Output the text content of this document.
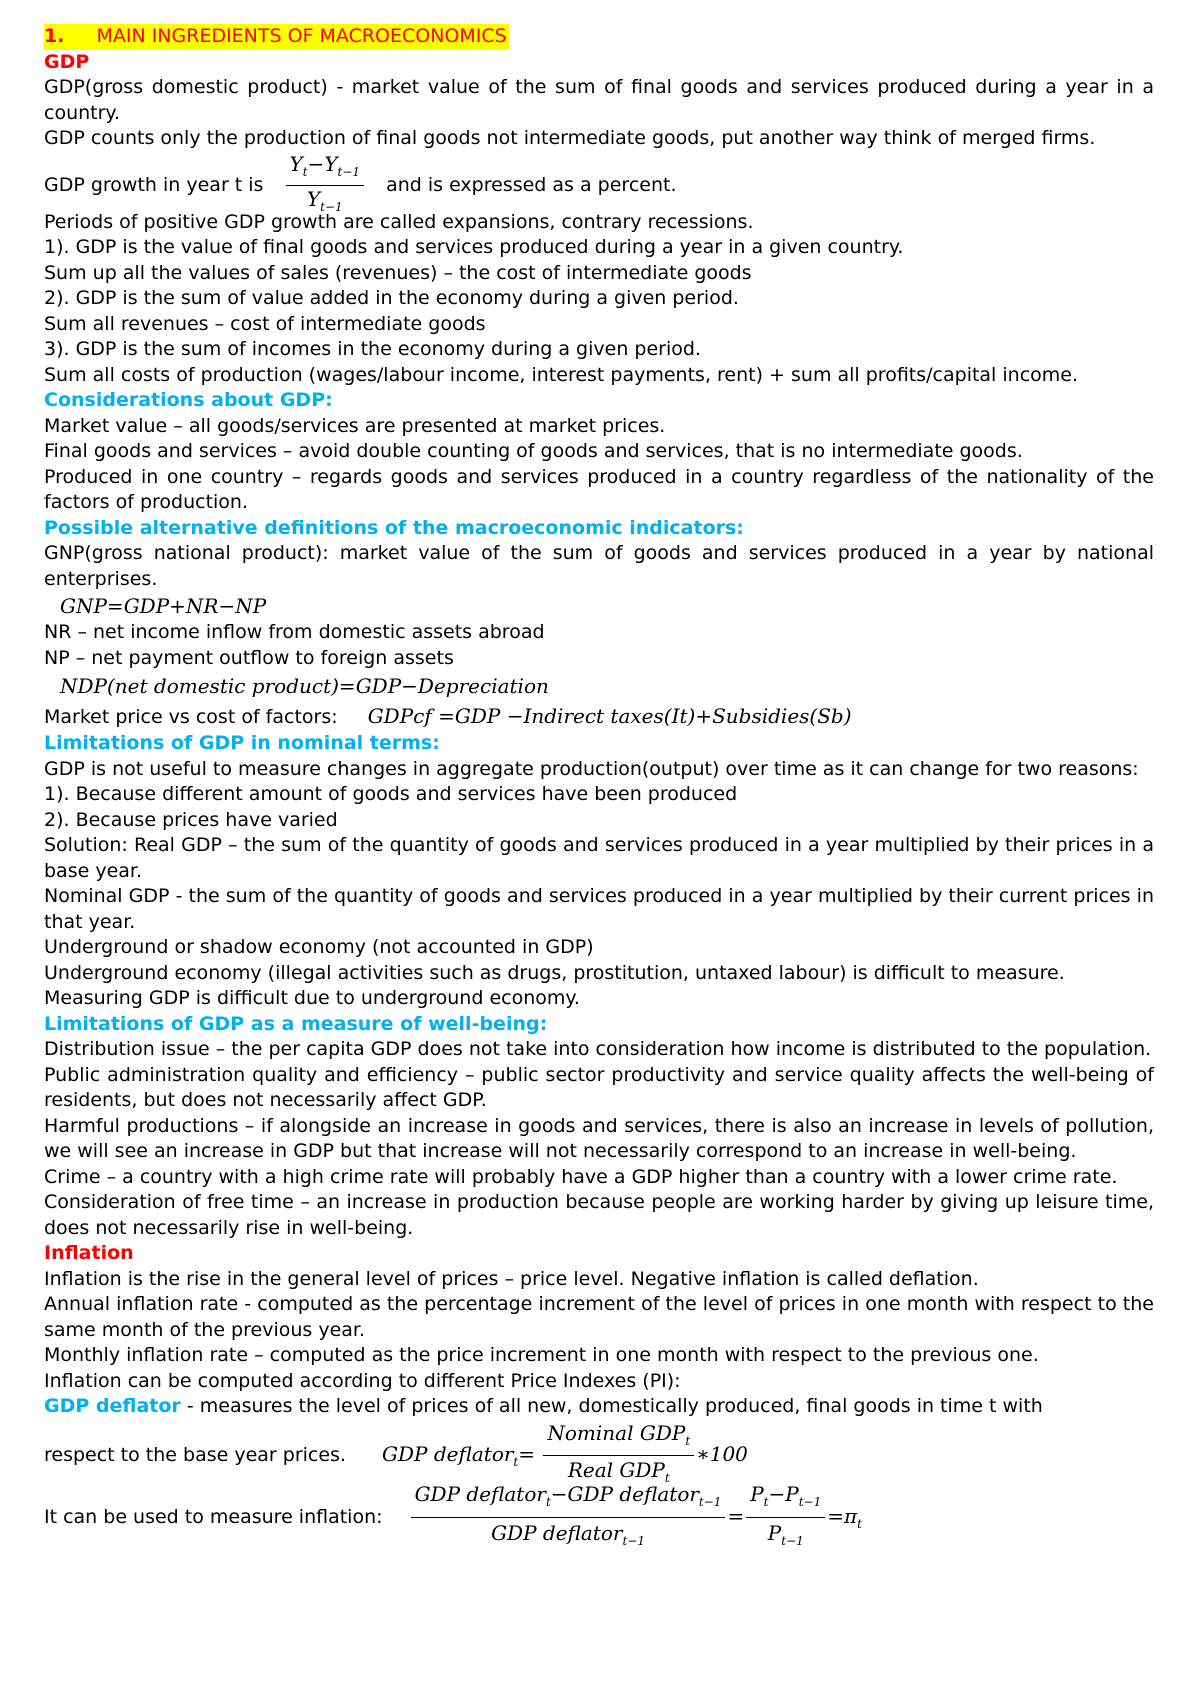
1. MAIN INGREDIENTS OF MACROECONOMICS

GDP

GDP(gross domestic product) - market value of the sum of final goods and services produced during a year in a country.

GDP counts only the production of final goods not intermediate goods, put another way think of merged firms.

GDP growth in year t is $\frac{Y_t-Y_{t-1}}{Y_{t-1}}$ and is expressed as a percent.

Periods of positive GDP growth are called expansions, contrary recessions.

1). GDP is the value of final goods and services produced during a year in a given country.

Sum up all the values of sales (revenues) – the cost of intermediate goods

2). GDP is the sum of value added in the economy during a given period.

Sum all revenues – cost of intermediate goods

3). GDP is the sum of incomes in the economy during a given period.

Sum all costs of production (wages/labour income, interest payments, rent) + sum all profits/capital income.

Considerations about GDP:

Market value – all goods/services are presented at market prices.

Final goods and services – avoid double counting of goods and services, that is no intermediate goods.

Produced in one country – regards goods and services produced in a country regardless of the nationality of the factors of production.

Possible alternative definitions of the macroeconomic indicators:

GNP(gross national product): market value of the sum of goods and services produced in a year by national enterprises.

GNP=GDP+NR−NP

NR – net income inflow from domestic assets abroad

NP – net payment outflow to foreign assets

NDP(net domestic product)=GDP−Depreciation
Market price vs cost of factors: GDPcf =GDP −Indirect taxes(It)+Subsidies(Sb)

Limitations of GDP in nominal terms:

GDP is not useful to measure changes in aggregate production(output) over time as it can change for two reasons:

1). Because different amount of goods and services have been produced

2). Because prices have varied

Solution: Real GDP – the sum of the quantity of goods and services produced in a year multiplied by their prices in a base year.

Nominal GDP - the sum of the quantity of goods and services produced in a year multiplied by their current prices in that year.

Underground or shadow economy (not accounted in GDP)

Underground economy (illegal activities such as drugs, prostitution, untaxed labour) is difficult to measure.

Measuring GDP is difficult due to underground economy.

Limitations of GDP as a measure of well-being:

Distribution issue – the per capita GDP does not take into consideration how income is distributed to the population.

Public administration quality and efficiency – public sector productivity and service quality affects the well-being of residents, but does not necessarily affect GDP.

Harmful productions – if alongside an increase in goods and services, there is also an increase in levels of pollution, we will see an increase in GDP but that increase will not necessarily correspond to an increase in well-being.

Crime – a country with a high crime rate will probably have a GDP higher than a country with a lower crime rate.

Consideration of free time – an increase in production because people are working harder by giving up leisure time, does not necessarily rise in well-being.

Inflation

Inflation is the rise in the general level of prices – price level. Negative inflation is called deflation.

Annual inflation rate - computed as the percentage increment of the level of prices in one month with respect to the same month of the previous year.

Monthly inflation rate – computed as the price increment in one month with respect to the previous one.

Inflation can be computed according to different Price Indexes (PI):

GDP deflator - measures the level of prices of all new, domestically produced, final goods in time t with

respect to the base year prices. GDP deflator$_t$= $\frac{Nominal GDP_t}{Real GDP_t}$ ∗100
It can be used to measure inflation: $\frac{GDP deflator_t-GDP deflator_{t-1}}{GDP deflator_{t-1}} = \frac{P_t-P_{t-1}}{P_{t-1}} =\pi_t$
